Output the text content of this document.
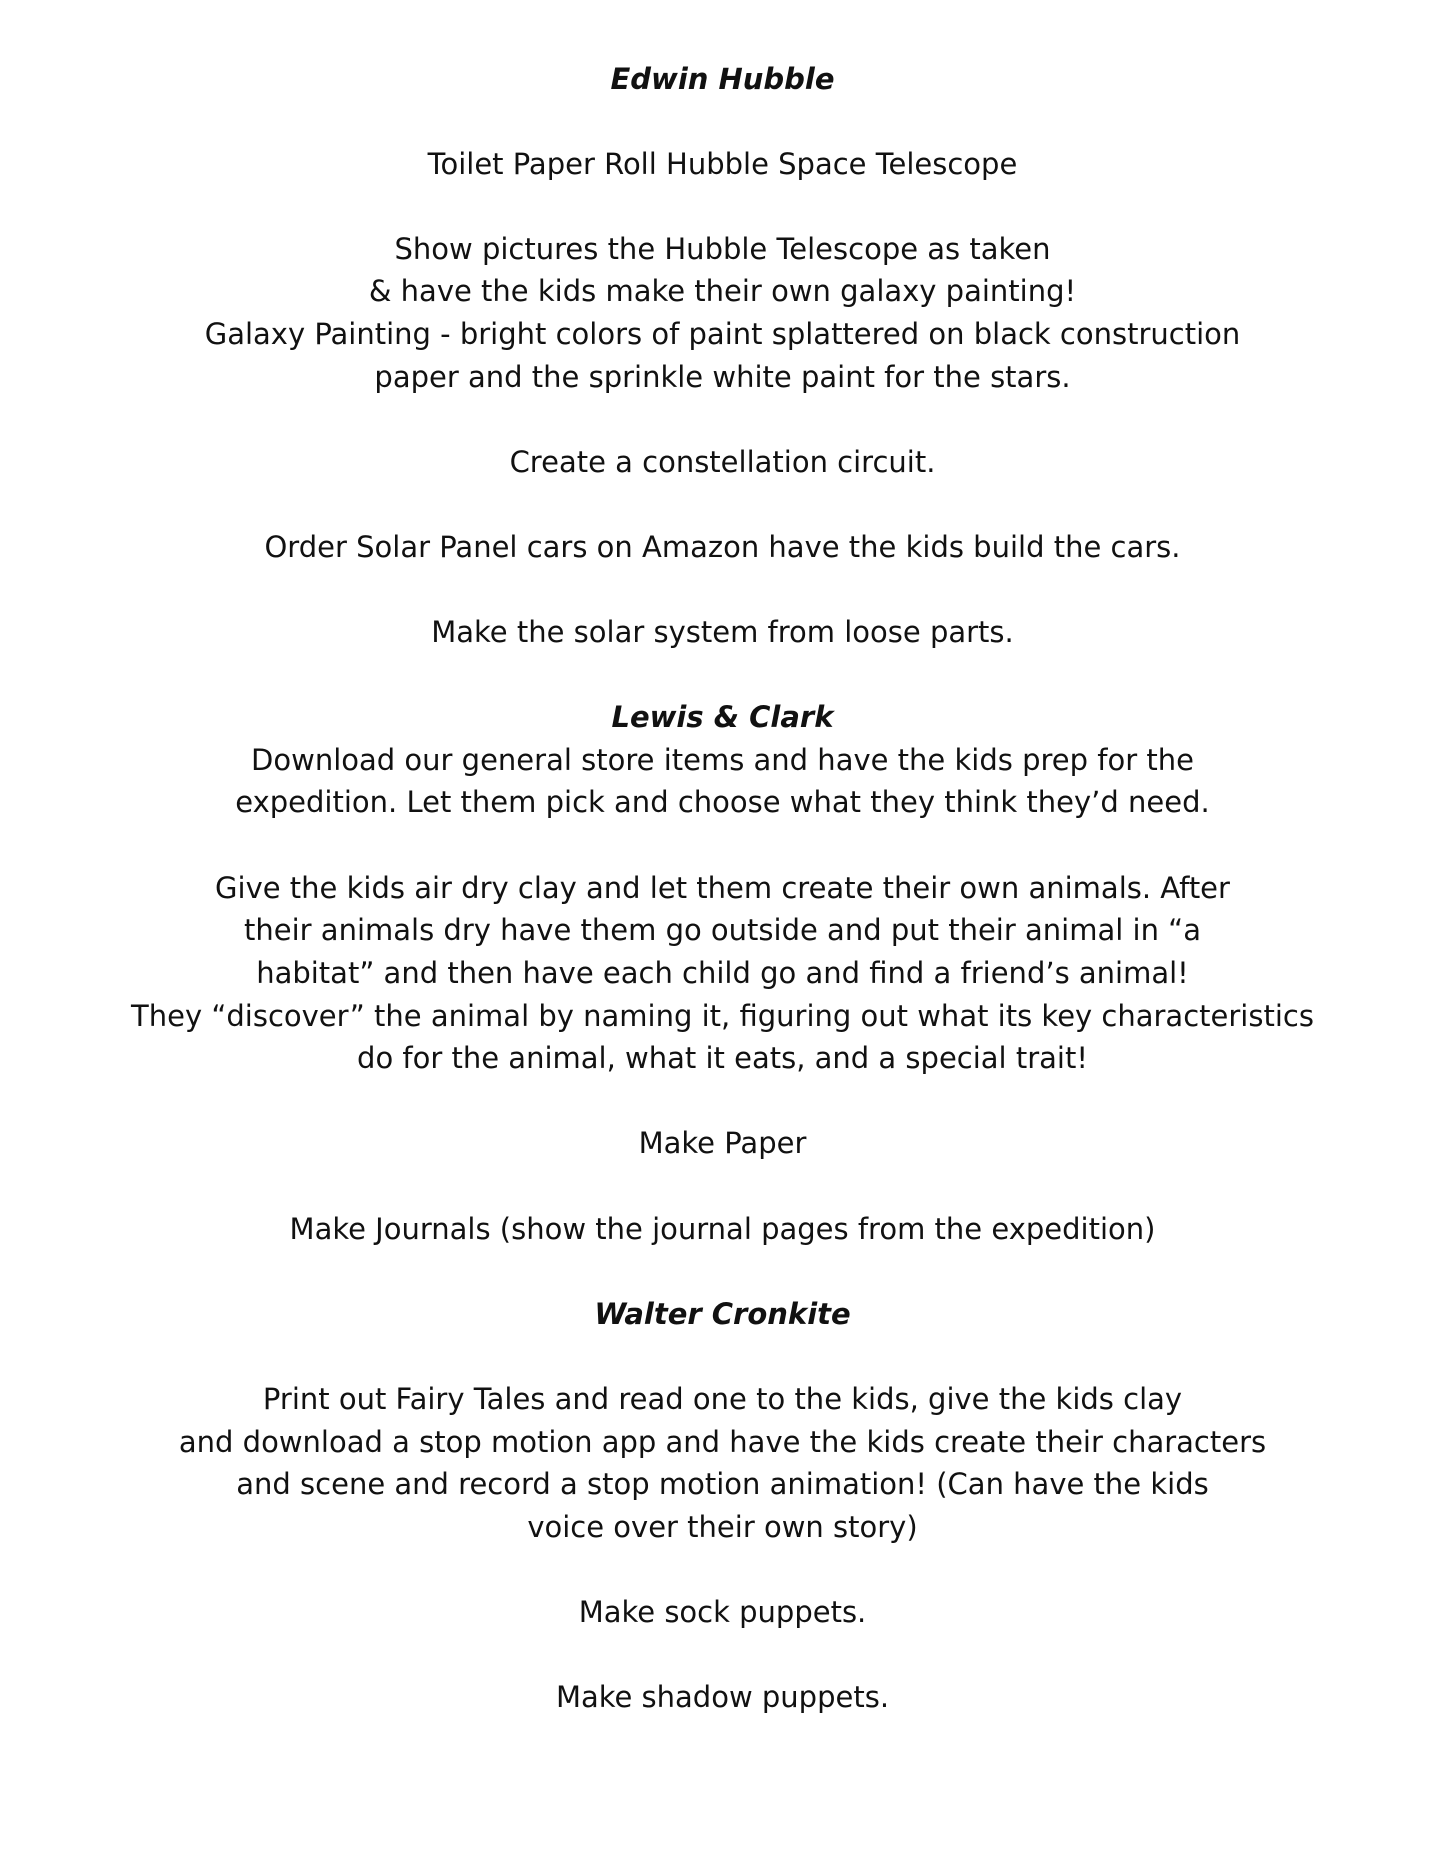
Edwin Hubble
Toilet Paper Roll Hubble Space Telescope
Show pictures the Hubble Telescope as taken
& have the kids make their own galaxy painting!
Galaxy Painting - bright colors of paint splattered on black construction
paper and the sprinkle white paint for the stars.
Create a constellation circuit.
Order Solar Panel cars on Amazon have the kids build the cars.
Make the solar system from loose parts.
Lewis & Clark
Download our general store items and have the kids prep for the
expedition. Let them pick and choose what they think they’d need.
Give the kids air dry clay and let them create their own animals. After
their animals dry have them go outside and put their animal in “a
habitat” and then have each child go and find a friend’s animal!
They “discover” the animal by naming it, figuring out what its key characteristics
do for the animal, what it eats, and a special trait!
Make Paper
Make Journals (show the journal pages from the expedition)
Walter Cronkite
Print out Fairy Tales and read one to the kids, give the kids clay
and download a stop motion app and have the kids create their characters
and scene and record a stop motion animation! (Can have the kids
voice over their own story)
Make sock puppets.
Make shadow puppets.
